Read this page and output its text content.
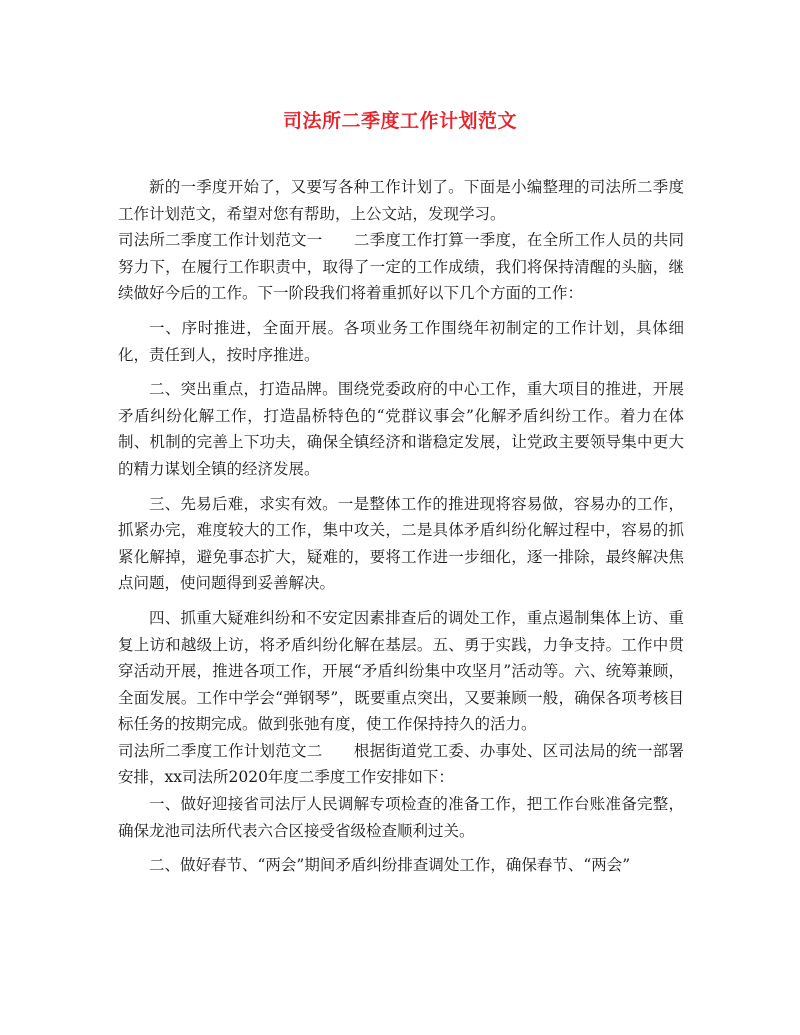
司法所二季度工作计划范文

新的一季度开始了，又要写各种工作计划了。下面是小编整理的司法所二季度工作计划范文，希望对您有帮助，上公文站，发现学习。

司法所二季度工作计划范文一　　二季度工作打算一季度，在全所工作人员的共同努力下，在履行工作职责中，取得了一定的工作成绩，我们将保持清醒的头脑，继续做好今后的工作。下一阶段我们将着重抓好以下几个方面的工作：

一、序时推进，全面开展。各项业务工作围绕年初制定的工作计划，具体细化，责任到人，按时序推进。

二、突出重点，打造品牌。围绕党委政府的中心工作，重大项目的推进，开展矛盾纠纷化解工作，打造晶桥特色的“党群议事会”化解矛盾纠纷工作。着力在体制、机制的完善上下功夫，确保全镇经济和谐稳定发展，让党政主要领导集中更大的精力谋划全镇的经济发展。

三、先易后难，求实有效。一是整体工作的推进现将容易做，容易办的工作，抓紧办完，难度较大的工作，集中攻关，二是具体矛盾纠纷化解过程中，容易的抓紧化解掉，避免事态扩大，疑难的，要将工作进一步细化，逐一排除，最终解决焦点问题，使问题得到妥善解决。

四、抓重大疑难纠纷和不安定因素排查后的调处工作，重点遏制集体上访、重复上访和越级上访，将矛盾纠纷化解在基层。五、勇于实践，力争支持。工作中贯穿活动开展，推进各项工作，开展“矛盾纠纷集中攻坚月”活动等。六、统筹兼顾，全面发展。工作中学会“弹钢琴”，既要重点突出，又要兼顾一般，确保各项考核目标任务的按期完成。做到张弛有度，使工作保持持久的活力。

司法所二季度工作计划范文二　　根据街道党工委、办事处、区司法局的统一部署安排，xx司法所2020年度二季度工作安排如下：

一、做好迎接省司法厅人民调解专项检查的准备工作，把工作台账准备完整，确保龙池司法所代表六合区接受省级检查顺利过关。

二、做好春节、“两会”期间矛盾纠纷排查调处工作，确保春节、“两会”
